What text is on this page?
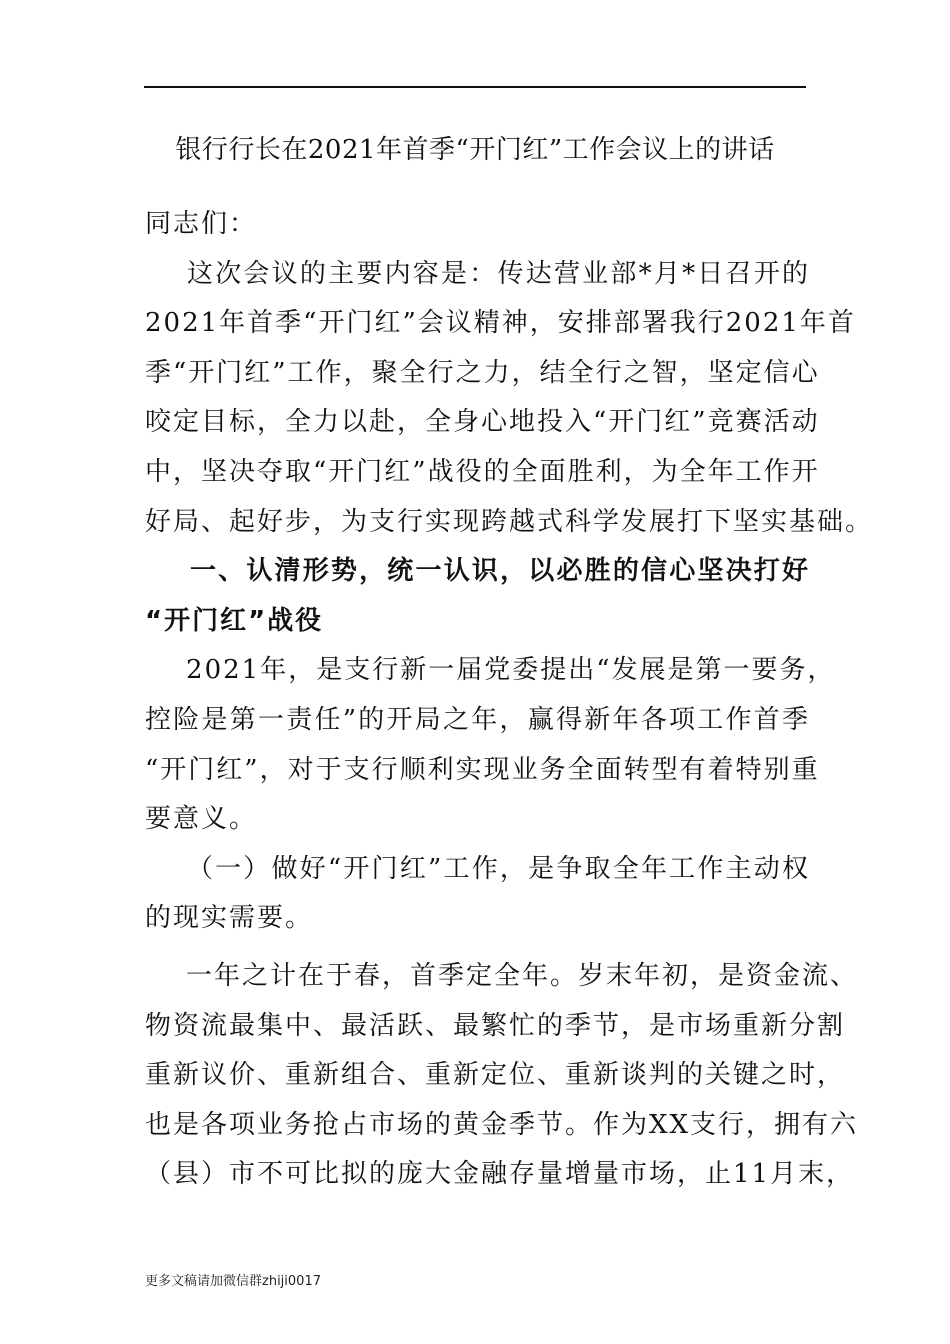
银行行长在2021年首季“开门红”工作会议上的讲话

同志们：

这次会议的主要内容是：传达营业部*月*日召开的

2021年首季“开门红”会议精神，安排部署我行2021年首

季“开门红”工作，聚全行之力，结全行之智，坚定信心

咬定目标，全力以赴，全身心地投入“开门红”竞赛活动

中，坚决夺取“开门红”战役的全面胜利，为全年工作开

好局、起好步，为支行实现跨越式科学发展打下坚实基础。

一、认清形势，统一认识，以必胜的信心坚决打好

“开门红”战役

2021年，是支行新一届党委提出“发展是第一要务，

控险是第一责任”的开局之年，赢得新年各项工作首季

“开门红”，对于支行顺利实现业务全面转型有着特别重

要意义。

（一）做好“开门红”工作，是争取全年工作主动权

的现实需要。

一年之计在于春，首季定全年。岁末年初，是资金流、

物资流最集中、最活跃、最繁忙的季节，是市场重新分割

重新议价、重新组合、重新定位、重新谈判的关键之时，

也是各项业务抢占市场的黄金季节。作为XX支行，拥有六

（县）市不可比拟的庞大金融存量增量市场，止11月末，

更多文稿请加微信群zhiji0017
